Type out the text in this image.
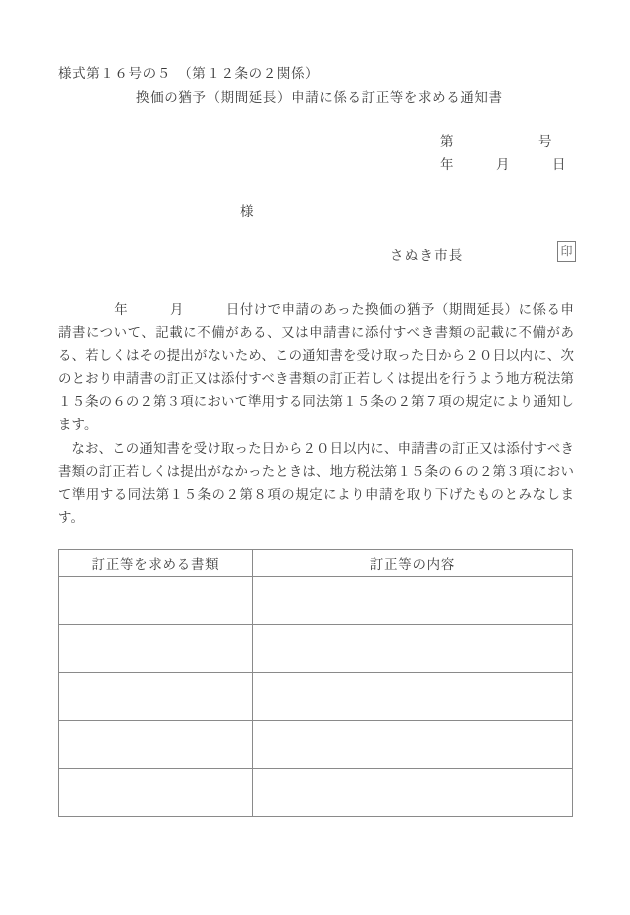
様式第１６号の５　（第１２条の２関係）
換価の猶予（期間延長）申請に係る訂正等を求める通知書
第　　　　　　号
年　　　月　　　日
様
さぬき市長	印

年　　　月　　　日付けで申請のあった換価の猶予（期間延長）に係る申請書について、記載に不備がある、又は申請書に添付すべき書類の記載に不備がある、若しくはその提出がないため、この通知書を受け取った日から２０日以内に、次のとおり申請書の訂正又は添付すべき書類の訂正若しくは提出を行うよう地方税法第１５条の６の２第３項において準用する同法第１５条の２第７項の規定により通知します。

なお、この通知書を受け取った日から２０日以内に、申請書の訂正又は添付すべき書類の訂正若しくは提出がなかったときは、地方税法第１５条の６の２第３項において準用する同法第１５条の２第８項の規定により申請を取り下げたものとみなします。

訂正等を求める書類	訂正等の内容
